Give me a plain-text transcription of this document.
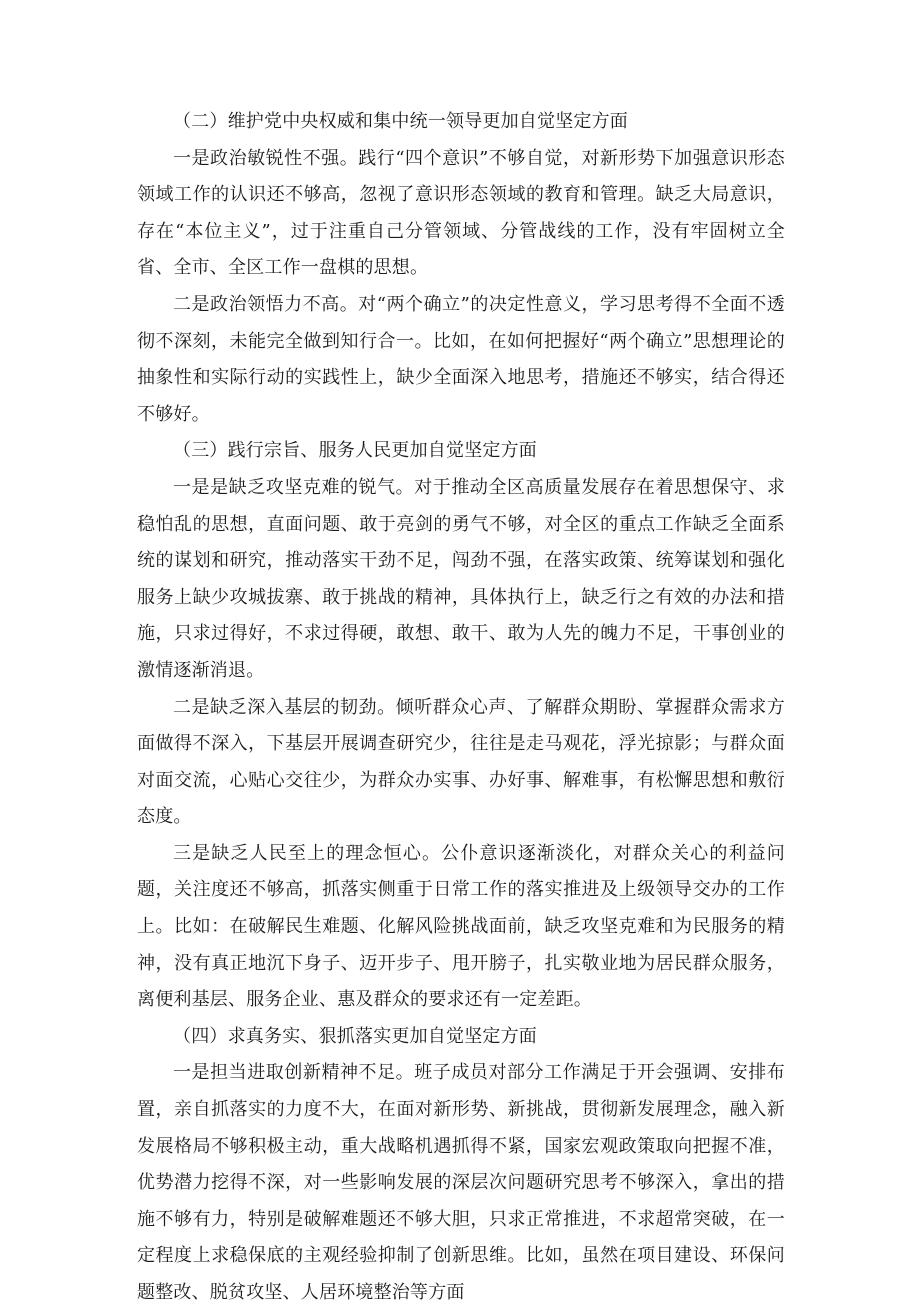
（二）维护党中央权威和集中统一领导更加自觉坚定方面

一是政治敏锐性不强。践行“四个意识”不够自觉，对新形势下加强意识形态领域工作的认识还不够高，忽视了意识形态领域的教育和管理。缺乏大局意识，存在“本位主义”，过于注重自己分管领域、分管战线的工作，没有牢固树立全省、全市、全区工作一盘棋的思想。

二是政治领悟力不高。对“两个确立”的决定性意义，学习思考得不全面不透彻不深刻，未能完全做到知行合一。比如，在如何把握好“两个确立”思想理论的抽象性和实际行动的实践性上，缺少全面深入地思考，措施还不够实，结合得还不够好。

（三）践行宗旨、服务人民更加自觉坚定方面

一是是缺乏攻坚克难的锐气。对于推动全区高质量发展存在着思想保守、求稳怕乱的思想，直面问题、敢于亮剑的勇气不够，对全区的重点工作缺乏全面系统的谋划和研究，推动落实干劲不足，闯劲不强，在落实政策、统筹谋划和强化服务上缺少攻城拔寨、敢于挑战的精神，具体执行上，缺乏行之有效的办法和措施，只求过得好，不求过得硬，敢想、敢干、敢为人先的魄力不足，干事创业的激情逐渐消退。

二是缺乏深入基层的韧劲。倾听群众心声、了解群众期盼、掌握群众需求方面做得不深入，下基层开展调查研究少，往往是走马观花，浮光掠影；与群众面对面交流，心贴心交往少，为群众办实事、办好事、解难事，有松懈思想和敷衍态度。

三是缺乏人民至上的理念恒心。公仆意识逐渐淡化，对群众关心的利益问题，关注度还不够高，抓落实侧重于日常工作的落实推进及上级领导交办的工作上。比如：在破解民生难题、化解风险挑战面前，缺乏攻坚克难和为民服务的精神，没有真正地沉下身子、迈开步子、甩开膀子，扎实敬业地为居民群众服务，离便利基层、服务企业、惠及群众的要求还有一定差距。

（四）求真务实、狠抓落实更加自觉坚定方面

一是担当进取创新精神不足。班子成员对部分工作满足于开会强调、安排布置，亲自抓落实的力度不大，在面对新形势、新挑战，贯彻新发展理念，融入新发展格局不够积极主动，重大战略机遇抓得不紧，国家宏观政策取向把握不准，优势潜力挖得不深，对一些影响发展的深层次问题研究思考不够深入，拿出的措施不够有力，特别是破解难题还不够大胆，只求正常推进，不求超常突破，在一定程度上求稳保底的主观经验抑制了创新思维。比如，虽然在项目建设、环保问题整改、脱贫攻坚、人居环境整治等方面
